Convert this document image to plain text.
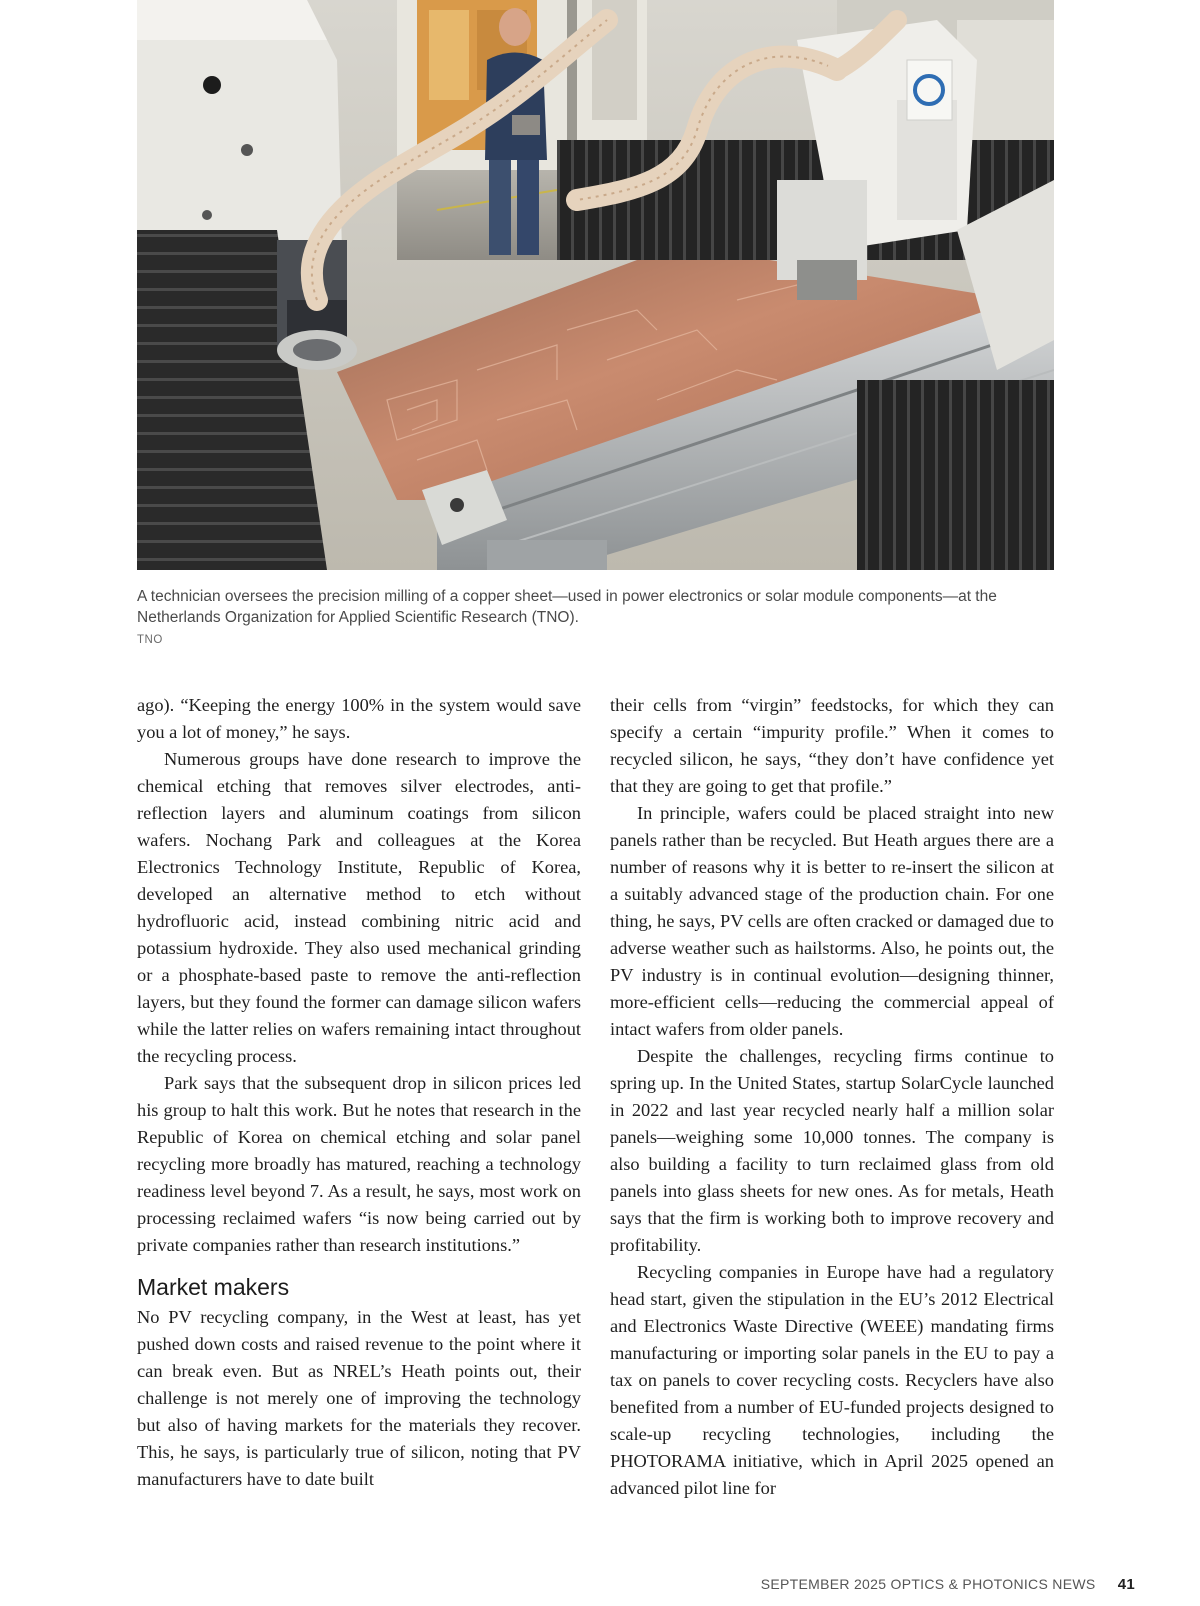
A technician oversees the precision milling of a copper sheet—used in power electronics or solar module components—at the Netherlands Organization for Applied Scientific Research (TNO).
TNO

ago). “Keeping the energy 100% in the system would save you a lot of money,” he says.

Numerous groups have done research to improve the chemical etching that removes silver electrodes, anti-reflection layers and aluminum coatings from silicon wafers. Nochang Park and colleagues at the Korea Electronics Technology Institute, Republic of Korea, developed an alternative method to etch without hydrofluoric acid, instead combining nitric acid and potassium hydroxide. They also used mechanical grinding or a phosphate-based paste to remove the anti-reflection layers, but they found the former can damage silicon wafers while the latter relies on wafers remaining intact throughout the recycling process.

Park says that the subsequent drop in silicon prices led his group to halt this work. But he notes that research in the Republic of Korea on chemical etching and solar panel recycling more broadly has matured, reaching a technology readiness level beyond 7. As a result, he says, most work on processing reclaimed wafers “is now being carried out by private companies rather than research institutions.”

Market makers

No PV recycling company, in the West at least, has yet pushed down costs and raised revenue to the point where it can break even. But as NREL’s Heath points out, their challenge is not merely one of improving the technology but also of having markets for the materials they recover. This, he says, is particularly true of silicon, noting that PV manufacturers have to date built

their cells from “virgin” feedstocks, for which they can specify a certain “impurity profile.” When it comes to recycled silicon, he says, “they don’t have confidence yet that they are going to get that profile.”

In principle, wafers could be placed straight into new panels rather than be recycled. But Heath argues there are a number of reasons why it is better to re-insert the silicon at a suitably advanced stage of the production chain. For one thing, he says, PV cells are often cracked or damaged due to adverse weather such as hailstorms. Also, he points out, the PV industry is in continual evolution—designing thinner, more-efficient cells—reducing the commercial appeal of intact wafers from older panels.

Despite the challenges, recycling firms continue to spring up. In the United States, startup SolarCycle launched in 2022 and last year recycled nearly half a million solar panels—weighing some 10,000 tonnes. The company is also building a facility to turn reclaimed glass from old panels into glass sheets for new ones. As for metals, Heath says that the firm is working both to improve recovery and profitability.

Recycling companies in Europe have had a regulatory head start, given the stipulation in the EU’s 2012 Electrical and Electronics Waste Directive (WEEE) mandating firms manufacturing or importing solar panels in the EU to pay a tax on panels to cover recycling costs. Recyclers have also benefited from a number of EU-funded projects designed to scale-up recycling technologies, including the PHOTORAMA initiative, which in April 2025 opened an advanced pilot line for

SEPTEMBER 2025 OPTICS & PHOTONICS NEWS 41
